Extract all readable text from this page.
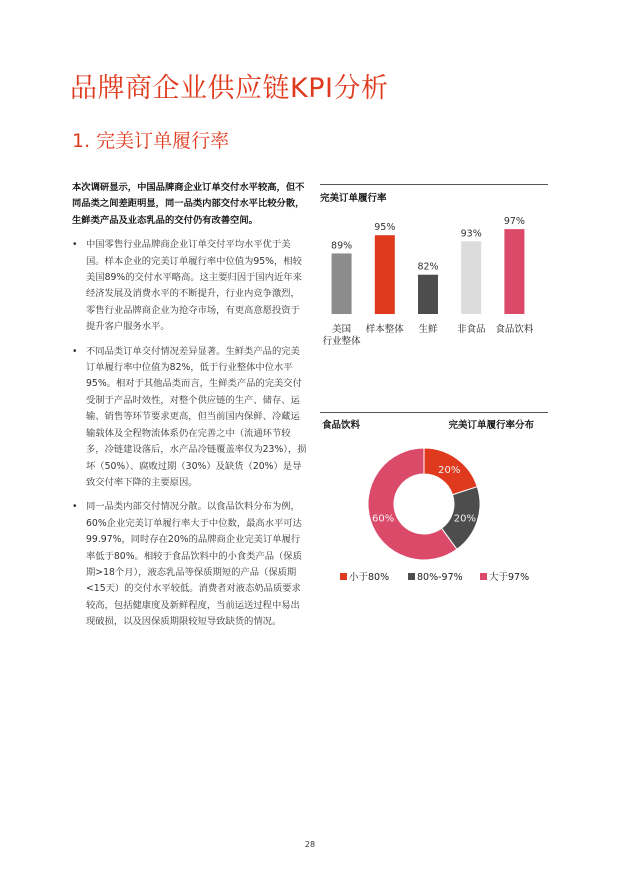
品牌商企业供应链KPI分析
1. 完美订单履行率

本次调研显示，中国品牌商企业订单交付水平较高，但不同品类之间差距明显，同一品类内部交付水平比较分散，生鲜类产品及业态乳品的交付仍有改善空间。

• 中国零售行业品牌商企业订单交付平均水平优于美国。样本企业的完美订单履行率中位值为95%，相较美国89%的交付水平略高。这主要归因于国内近年来经济发展及消费水平的不断提升，行业内竞争激烈，零售行业品牌商企业为抢夺市场，有更高意愿投资于提升客户服务水平。

• 不同品类订单交付情况差异显著。生鲜类产品的完美订单履行率中位值为82%，低于行业整体中位水平95%。相对于其他品类而言，生鲜类产品的完美交付受制于产品时效性，对整个供应链的生产、储存、运输、销售等环节要求更高，但当前国内保鲜、冷藏运输载体及全程物流体系仍在完善之中（流通环节较多，冷链建设落后，水产品冷链覆盖率仅为23%），损坏（50%）、腐败过期（30%）及缺货（20%）是导致交付率下降的主要原因。

• 同一品类内部交付情况分散。以食品饮料分布为例，60%企业完美订单履行率大于中位数，最高水平可达99.97%，同时存在20%的品牌商企业完美订单履行率低于80%。相较于食品饮料中的小食类产品（保质期>18个月），液态乳品等保质期短的产品（保质期<15天）的交付水平较低。消费者对液态奶品质要求较高，包括健康度及新鲜程度，当前运送过程中易出现破损，以及因保质期限较短导致缺货的情况。

完美订单履行率
89%
美国
行业整体
95%
样本整体
82%
生鲜
93%
非食品
97%
食品饮料
食品饮料	完美订单履行率分布
20%
20%
60%
小于80%	80%-97%	大于97%
28
